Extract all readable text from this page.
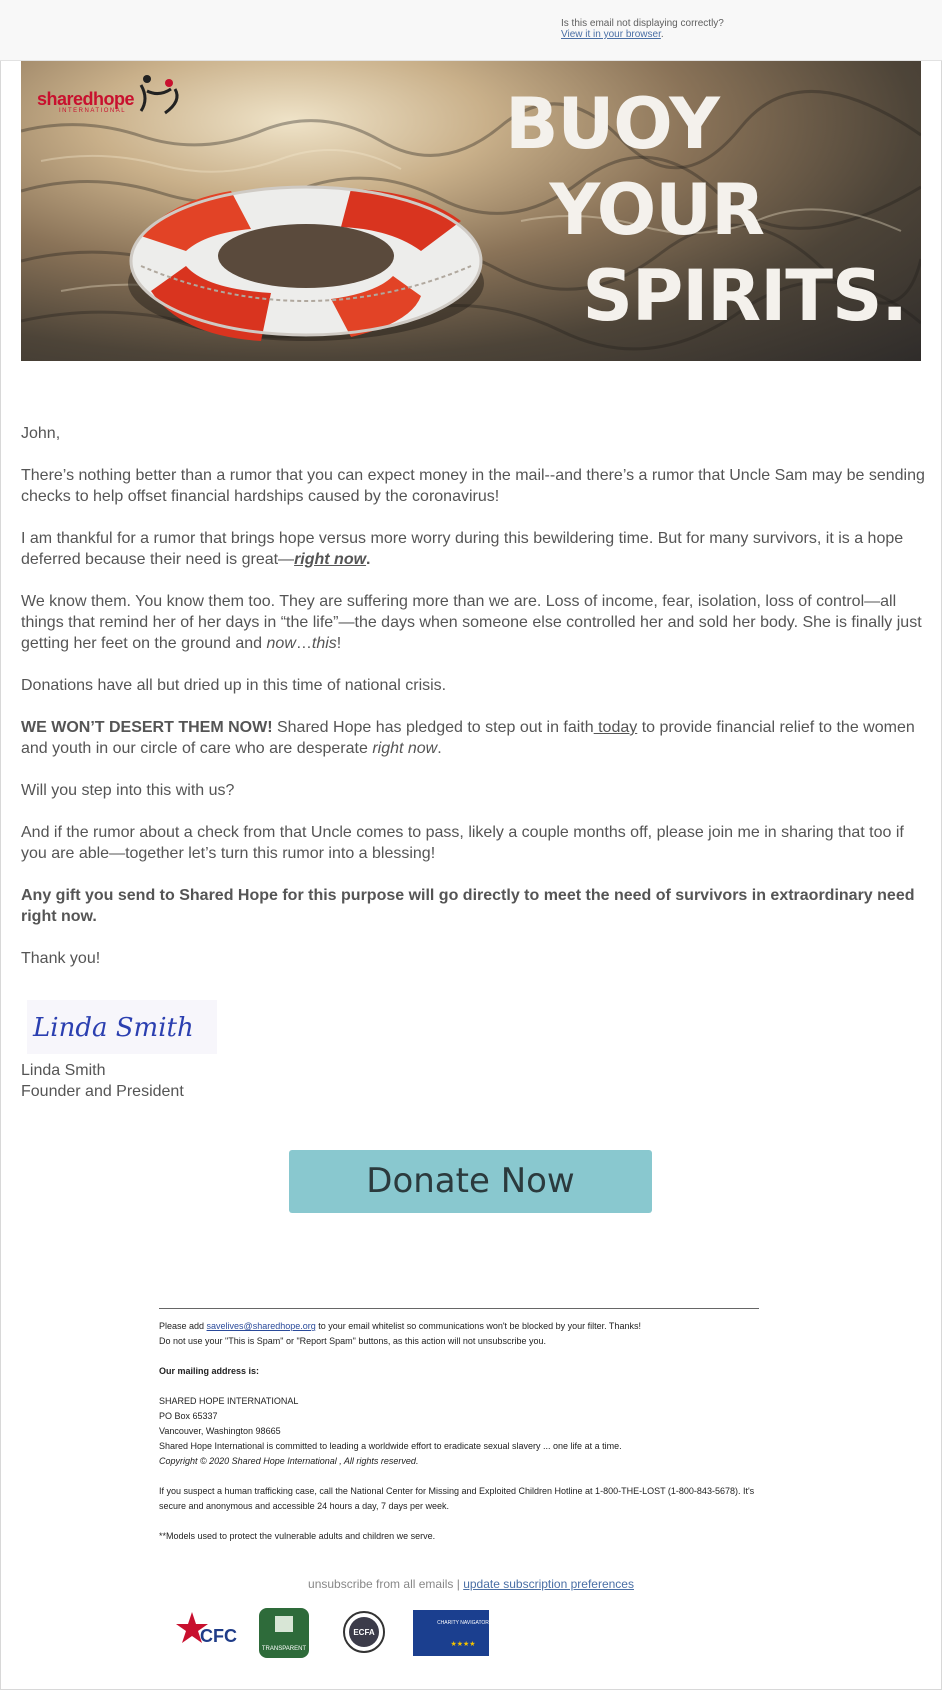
Is this email not displaying correctly?
View it in your browser.
sharedhope
INTERNATIONAL	BUOY
YOUR
SPIRITS.

John,

There’s nothing better than a rumor that you can expect money in the mail--and there’s a rumor that Uncle Sam may be sending checks to help offset financial hardships caused by the coronavirus!

I am thankful for a rumor that brings hope versus more worry during this bewildering time. But for many survivors, it is a hope deferred because their need is great—right now.

We know them. You know them too. They are suffering more than we are. Loss of income, fear, isolation, loss of control—all things that remind her of her days in “the life”—the days when someone else controlled her and sold her body. She is finally just getting her feet on the ground and now…this!

Donations have all but dried up in this time of national crisis.

WE WON’T DESERT THEM NOW! Shared Hope has pledged to step out in faith today to provide financial relief to the women and youth in our circle of care who are desperate right now.

Will you step into this with us?

And if the rumor about a check from that Uncle comes to pass, likely a couple months off, please join me in sharing that too if you are able—together let’s turn this rumor into a blessing!

Any gift you send to Shared Hope for this purpose will go directly to meet the need of survivors in extraordinary need right now.

Thank you!

Linda Smith
Linda Smith
Founder and President
Donate Now
Please add savelives@sharedhope.org to your email whitelist so communications won't be blocked by your filter. Thanks!

Do not use your "This is Spam" or "Report Spam" buttons, as this action will not unsubscribe you.

Our mailing address is:

SHARED HOPE INTERNATIONAL
PO Box 65337
Vancouver, Washington 98665
Shared Hope International is committed to leading a worldwide effort to eradicate sexual slavery ... one life at a time.

Copyright © 2020 Shared Hope International , All rights reserved.

If you suspect a human trafficking case, call the National Center for Missing and Exploited Children Hotline at 1-800-THE-LOST (1-800-843-5678). It's secure and anonymous and accessible 24 hours a day, 7 days per week.

**Models used to protect the vulnerable adults and children we serve.

unsubscribe from all emails | update subscription preferences
CFC
TRANSPARENT
ECFA
CHARITY NAVIGATOR
★★★★
